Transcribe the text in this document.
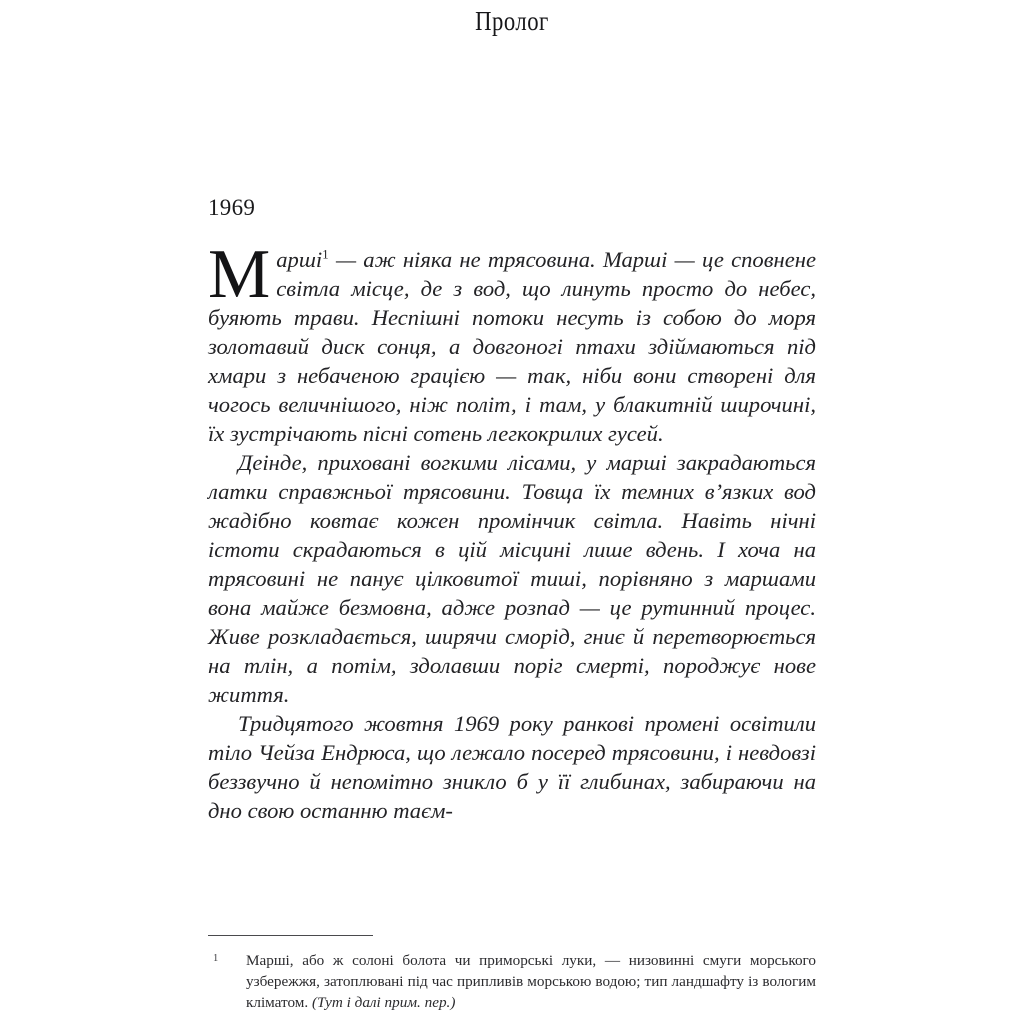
Пролог
1969

Марші$^1$ — аж ніяка не трясовина. Марші — це сповнене світла місце, де з вод, що линуть просто до небес, буяють трави. Неспішні потоки несуть із собою до моря золотавий диск сонця, а довгоногі птахи здіймаються під хмари з небаченою грацією — так, ніби вони створені для чогось величнішого, ніж політ, і там, у блакитній широчині, їх зустрічають пісні сотень легкокрилих гусей.

Деінде, приховані вогкими лісами, у марші закрадаються латки справжньої трясовини. Товща їх темних в’язких вод жадібно ковтає кожен промінчик світла. Навіть нічні істоти скрадаються в цій місцині лише вдень. І хоча на трясовині не панує цілковитої тиші, порівняно з маршами вона майже безмовна, адже розпад — це рутинний процес. Живе розкладається, ширячи сморід, гниє й перетворюється на тлін, а потім, здолавши поріг смерті, породжує нове життя.

Тридцятого жовтня 1969 року ранкові промені освітили тіло Чейза Ендрюса, що лежало посеред трясовини, і невдовзі беззвучно й непомітно зникло б у її глибинах, забираючи на дно свою останню таєм-

1 Марші, або ж солоні болота чи приморські луки, — низовинні смуги морського узбережжя, затоплювані під час припливів морською водою; тип ландшафту із вологим кліматом. (Тут і далі прим. пер.)
